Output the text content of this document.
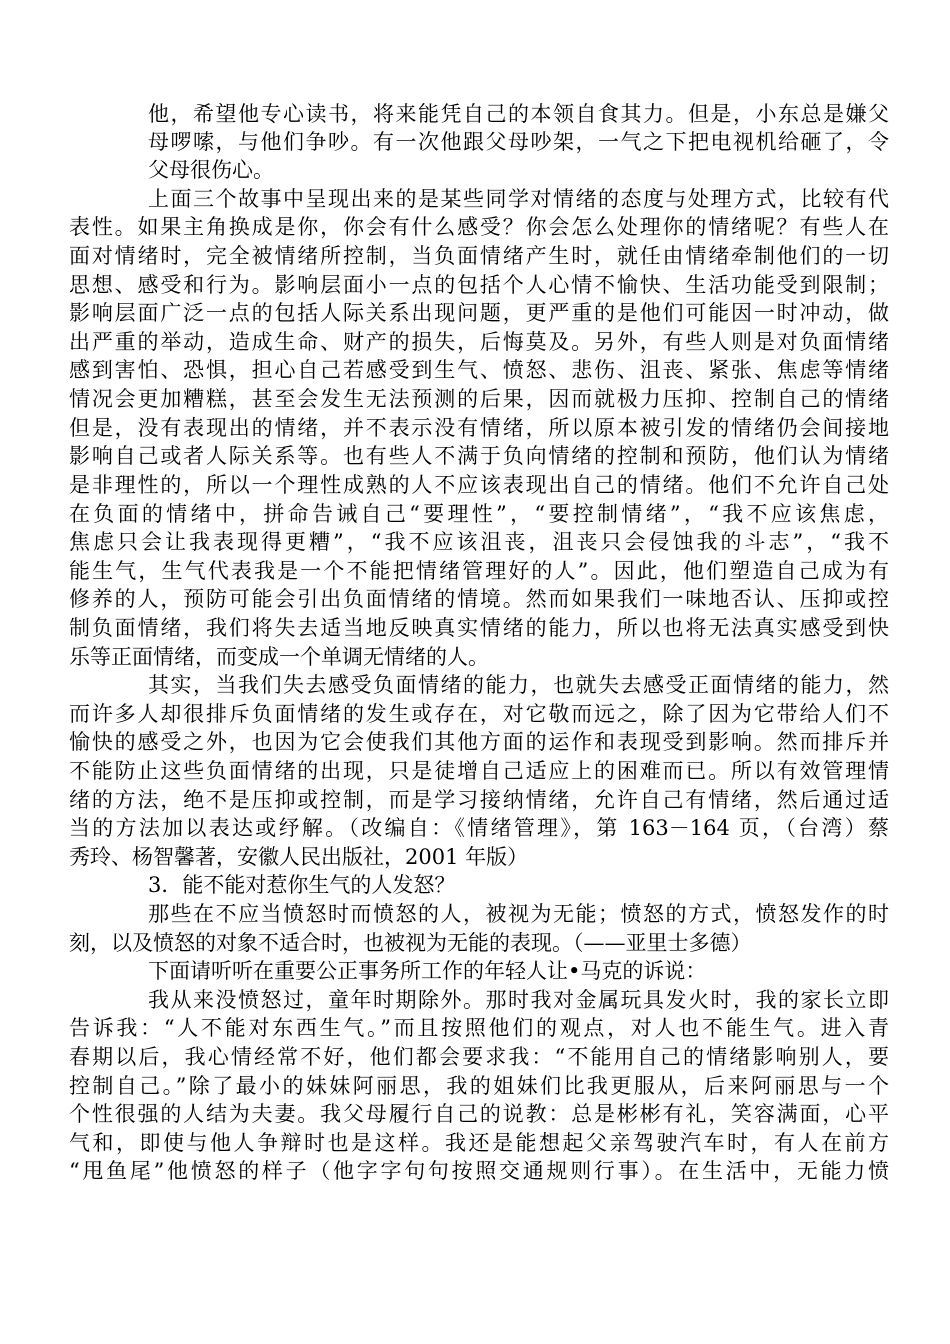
他，希望他专心读书，将来能凭自己的本领自食其力。但是，小东总是嫌父
母啰嗦，与他们争吵。有一次他跟父母吵架，一气之下把电视机给砸了，令
父母很伤心。
上面三个故事中呈现出来的是某些同学对情绪的态度与处理方式，比较有代
表性。如果主角换成是你，你会有什么感受？你会怎么处理你的情绪呢？有些人在
面对情绪时，完全被情绪所控制，当负面情绪产生时，就任由情绪牵制他们的一切
思想、感受和行为。影响层面小一点的包括个人心情不愉快、生活功能受到限制；
影响层面广泛一点的包括人际关系出现问题，更严重的是他们可能因一时冲动，做
出严重的举动，造成生命、财产的损失，后悔莫及。另外，有些人则是对负面情绪
感到害怕、恐惧，担心自己若感受到生气、愤怒、悲伤、沮丧、紧张、焦虑等情绪
情况会更加糟糕，甚至会发生无法预测的后果，因而就极力压抑、控制自己的情绪
但是，没有表现出的情绪，并不表示没有情绪，所以原本被引发的情绪仍会间接地
影响自己或者人际关系等。也有些人不满于负向情绪的控制和预防，他们认为情绪
是非理性的，所以一个理性成熟的人不应该表现出自己的情绪。他们不允许自己处
在负面的情绪中，拼命告诫自己“要理性”，“要控制情绪”，“我不应该焦虑，
焦虑只会让我表现得更糟”，“我不应该沮丧，沮丧只会侵蚀我的斗志”，“我不
能生气，生气代表我是一个不能把情绪管理好的人”。因此，他们塑造自己成为有
修养的人，预防可能会引出负面情绪的情境。然而如果我们一味地否认、压抑或控
制负面情绪，我们将失去适当地反映真实情绪的能力，所以也将无法真实感受到快
乐等正面情绪，而变成一个单调无情绪的人。
其实，当我们失去感受负面情绪的能力，也就失去感受正面情绪的能力，然
而许多人却很排斥负面情绪的发生或存在，对它敬而远之，除了因为它带给人们不
愉快的感受之外，也因为它会使我们其他方面的运作和表现受到影响。然而排斥并
不能防止这些负面情绪的出现，只是徒增自己适应上的困难而已。所以有效管理情
绪的方法，绝不是压抑或控制，而是学习接纳情绪，允许自己有情绪，然后通过适
当的方法加以表达或纾解。（改编自：《情绪管理》，第 163－164 页，（台湾）蔡
秀玲、杨智馨著，安徽人民出版社，2001 年版）
3．能不能对惹你生气的人发怒？
那些在不应当愤怒时而愤怒的人，被视为无能；愤怒的方式，愤怒发作的时
刻，以及愤怒的对象不适合时，也被视为无能的表现。（——亚里士多德）
下面请听听在重要公正事务所工作的年轻人让•马克的诉说：
我从来没愤怒过，童年时期除外。那时我对金属玩具发火时，我的家长立即
告诉我：“人不能对东西生气。”而且按照他们的观点，对人也不能生气。进入青
春期以后，我心情经常不好，他们都会要求我：“不能用自己的情绪影响别人，要
控制自己。”除了最小的妹妹阿丽思，我的姐妹们比我更服从，后来阿丽思与一个
个性很强的人结为夫妻。我父母履行自己的说教：总是彬彬有礼，笑容满面，心平
气和，即使与他人争辩时也是这样。我还是能想起父亲驾驶汽车时，有人在前方
“甩鱼尾”他愤怒的样子（他字字句句按照交通规则行事）。在生活中，无能力愤
